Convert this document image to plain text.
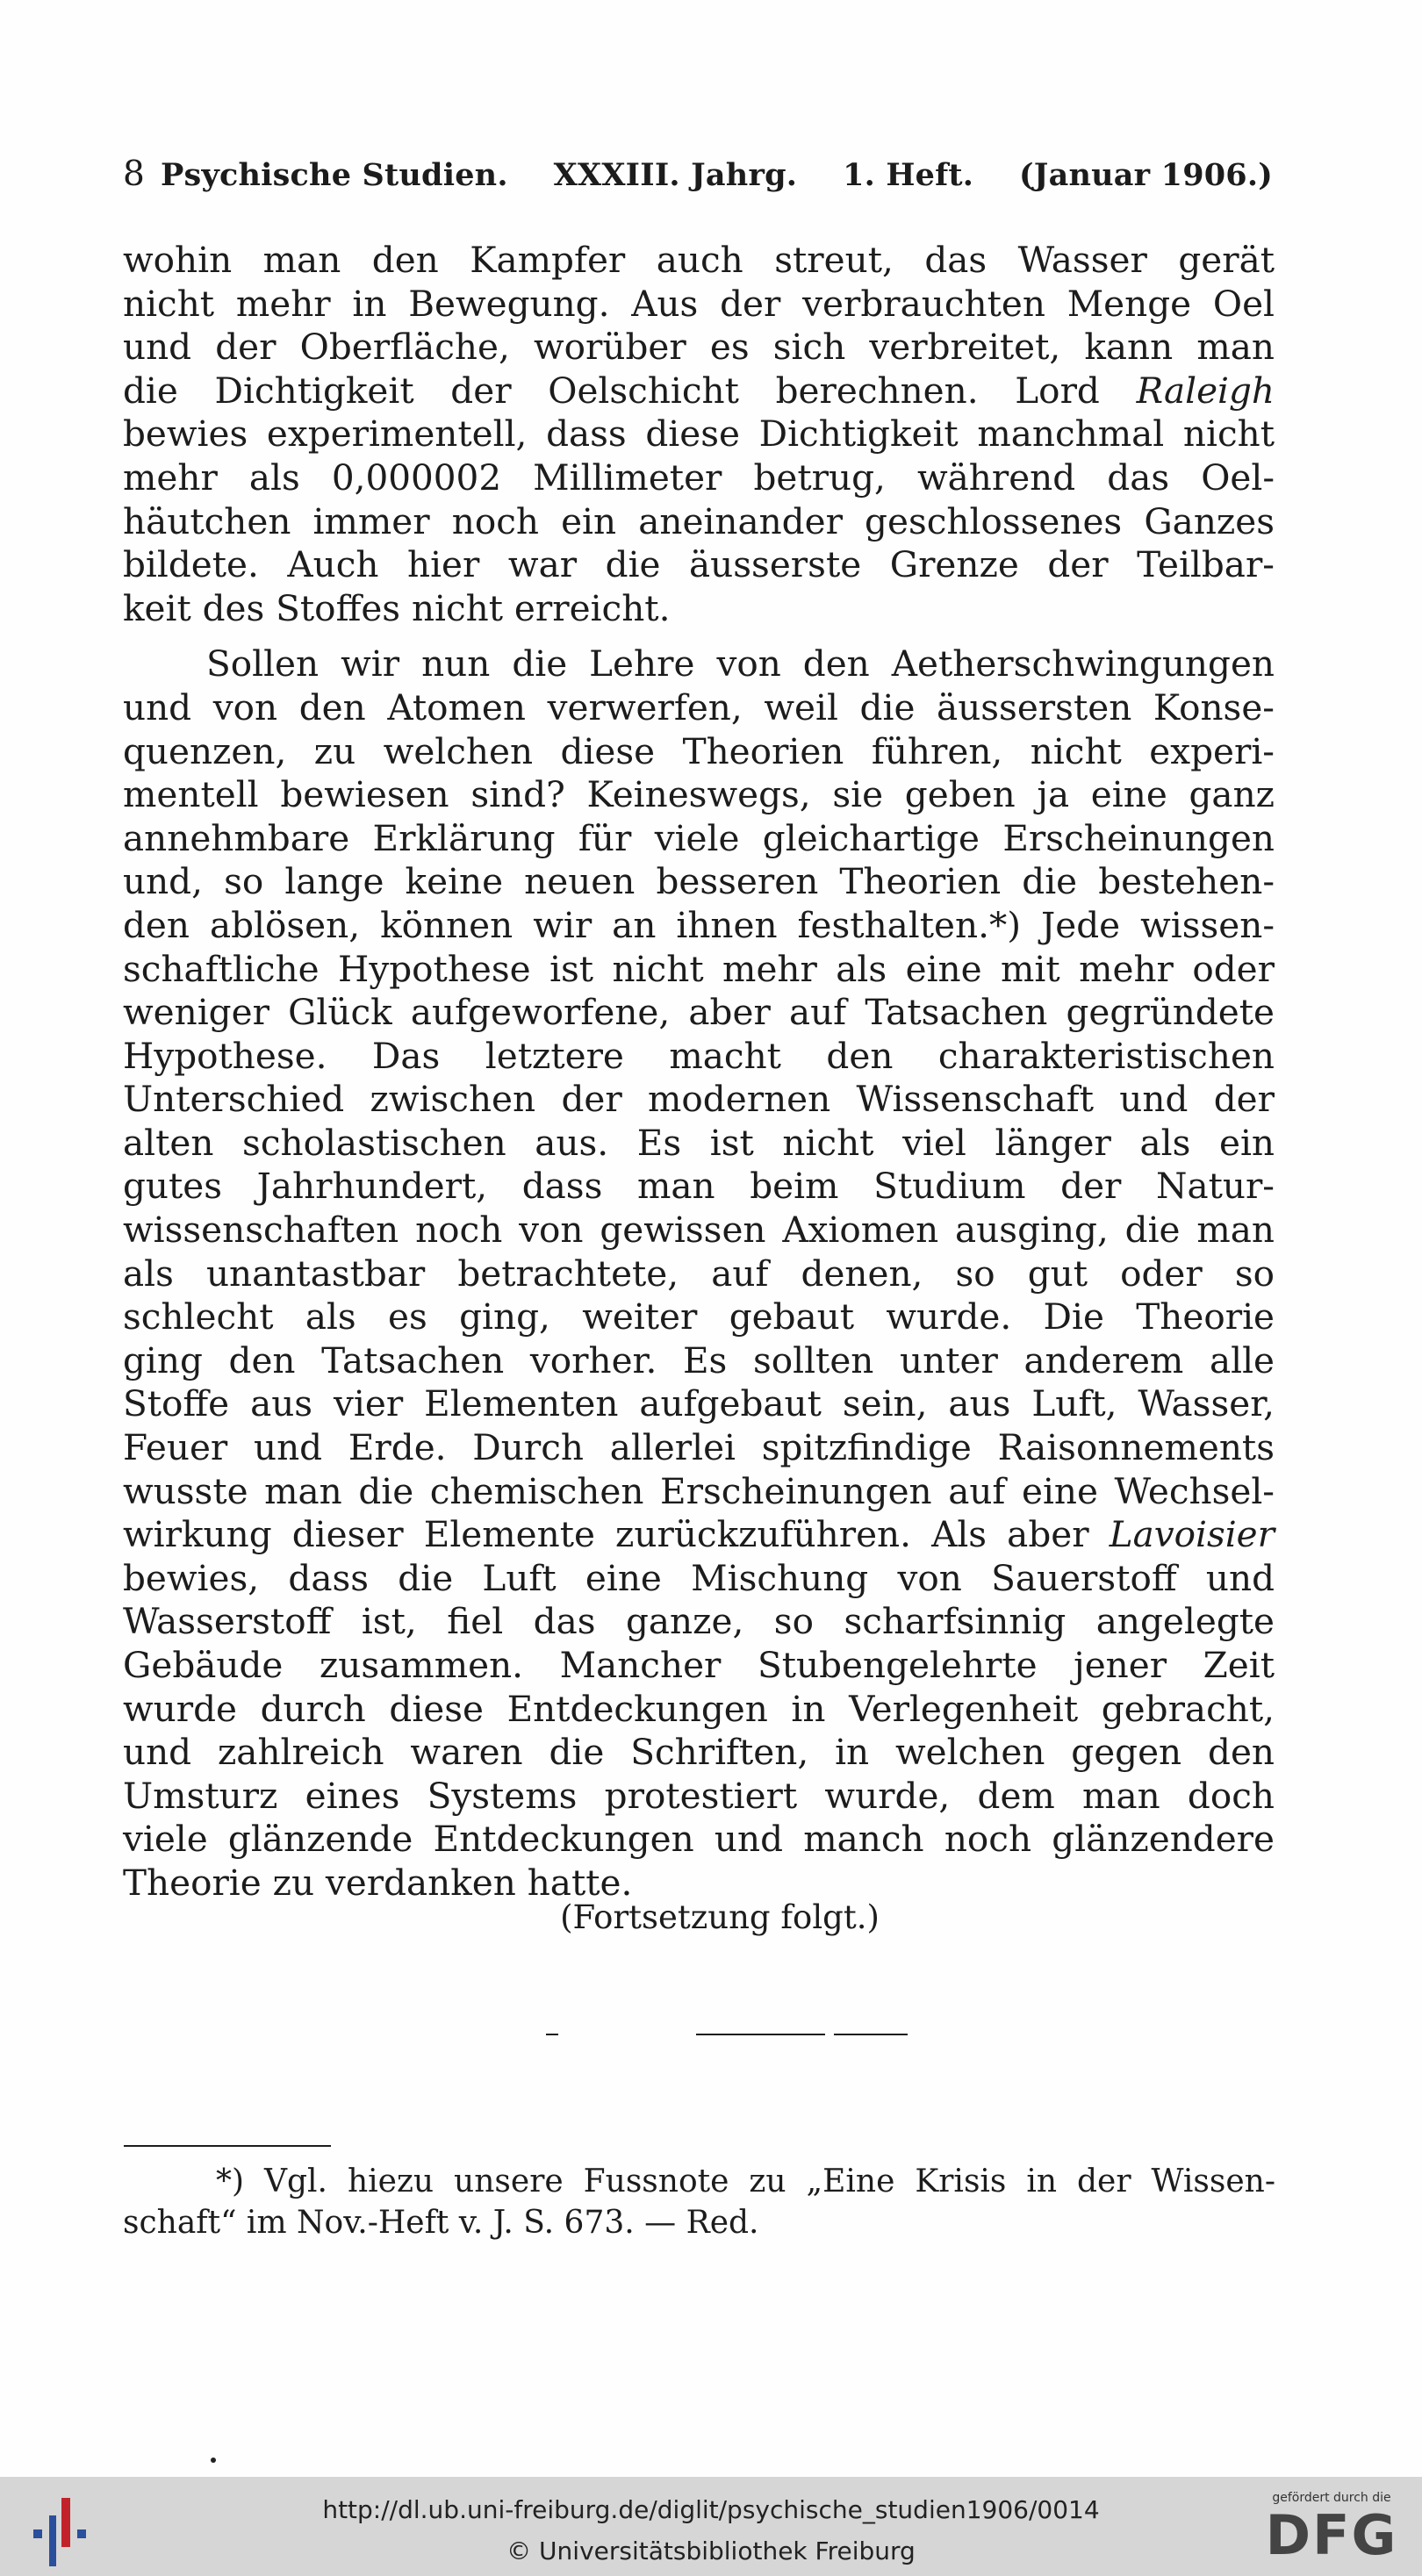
8 Psychische Studien. XXXIII. Jahrg. 1. Heft. (Januar 1906.)
wohin man den Kampfer auch streut, das Wasser gerät
nicht mehr in Bewegung. Aus der verbrauchten Menge Oel
und der Oberfläche, worüber es sich verbreitet, kann man
die Dichtigkeit der Oelschicht berechnen. Lord Raleigh
bewies experimentell, dass diese Dichtigkeit manchmal nicht
mehr als 0,000002 Millimeter betrug, während das Oel-
häutchen immer noch ein aneinander geschlossenes Ganzes
bildete. Auch hier war die äusserste Grenze der Teilbar-
keit des Stoffes nicht erreicht.
Sollen wir nun die Lehre von den Aetherschwingungen
und von den Atomen verwerfen, weil die äussersten Konse-
quenzen, zu welchen diese Theorien führen, nicht experi-
mentell bewiesen sind? Keineswegs, sie geben ja eine ganz
annehmbare Erklärung für viele gleichartige Erscheinungen
und, so lange keine neuen besseren Theorien die bestehen-
den ablösen, können wir an ihnen festhalten.*) Jede wissen-
schaftliche Hypothese ist nicht mehr als eine mit mehr oder
weniger Glück aufgeworfene, aber auf Tatsachen gegründete
Hypothese. Das letztere macht den charakteristischen
Unterschied zwischen der modernen Wissenschaft und der
alten scholastischen aus. Es ist nicht viel länger als ein
gutes Jahrhundert, dass man beim Studium der Natur-
wissenschaften noch von gewissen Axiomen ausging, die man
als unantastbar betrachtete, auf denen, so gut oder so
schlecht als es ging, weiter gebaut wurde. Die Theorie
ging den Tatsachen vorher. Es sollten unter anderem alle
Stoffe aus vier Elementen aufgebaut sein, aus Luft, Wasser,
Feuer und Erde. Durch allerlei spitzfindige Raisonnements
wusste man die chemischen Erscheinungen auf eine Wechsel-
wirkung dieser Elemente zurückzuführen. Als aber Lavoisier
bewies, dass die Luft eine Mischung von Sauerstoff und
Wasserstoff ist, fiel das ganze, so scharfsinnig angelegte
Gebäude zusammen. Mancher Stubengelehrte jener Zeit
wurde durch diese Entdeckungen in Verlegenheit gebracht,
und zahlreich waren die Schriften, in welchen gegen den
Umsturz eines Systems protestiert wurde, dem man doch
viele glänzende Entdeckungen und manch noch glänzendere
Theorie zu verdanken hatte.
(Fortsetzung folgt.)
*) Vgl. hiezu unsere Fussnote zu „Eine Krisis in der Wissen-
schaft“ im Nov.-Heft v. J. S. 673. — Red.
http://dl.ub.uni-freiburg.de/diglit/psychische_studien1906/0014
© Universitätsbibliothek Freiburg
gefördert durch die
DFG
